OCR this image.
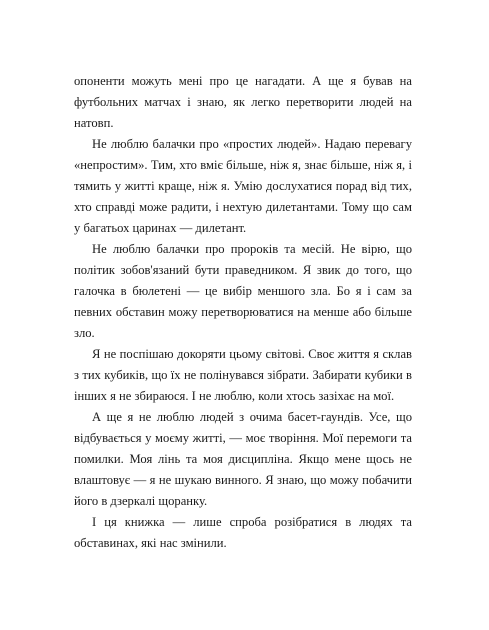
опоненти можуть мені про це нагадати. А ще я бував на футбольних матчах і знаю, як легко перетворити людей на натовп.

Не люблю балачки про «простих людей». Надаю перевагу «непростим». Тим, хто вміє більше, ніж я, знає більше, ніж я, і тямить у житті краще, ніж я. Умію дослухатися порад від тих, хто справді може радити, і нехтую дилетантами. Тому що сам у багатьох царинах — дилетант.

Не люблю балачки про пророків та месій. Не вірю, що політик зобов'язаний бути праведником. Я звик до того, що галочка в бюлетені — це вибір меншого зла. Бо я і сам за певних обставин можу перетворюватися на менше або більше зло.

Я не поспішаю докоряти цьому світові. Своє життя я склав з тих кубиків, що їх не полінувався зібрати. Забирати кубики в інших я не збираюся. І не люблю, коли хтось зазіхає на мої.

А ще я не люблю людей з очима басет-гаундів. Усе, що відбувається у моєму житті, — моє творіння. Мої перемоги та помилки. Моя лінь та моя дисципліна. Якщо мене щось не влаштовує — я не шукаю винного. Я знаю, що можу побачити його в дзеркалі щоранку.

І ця книжка — лише спроба розібратися в людях та обставинах, які нас змінили.
